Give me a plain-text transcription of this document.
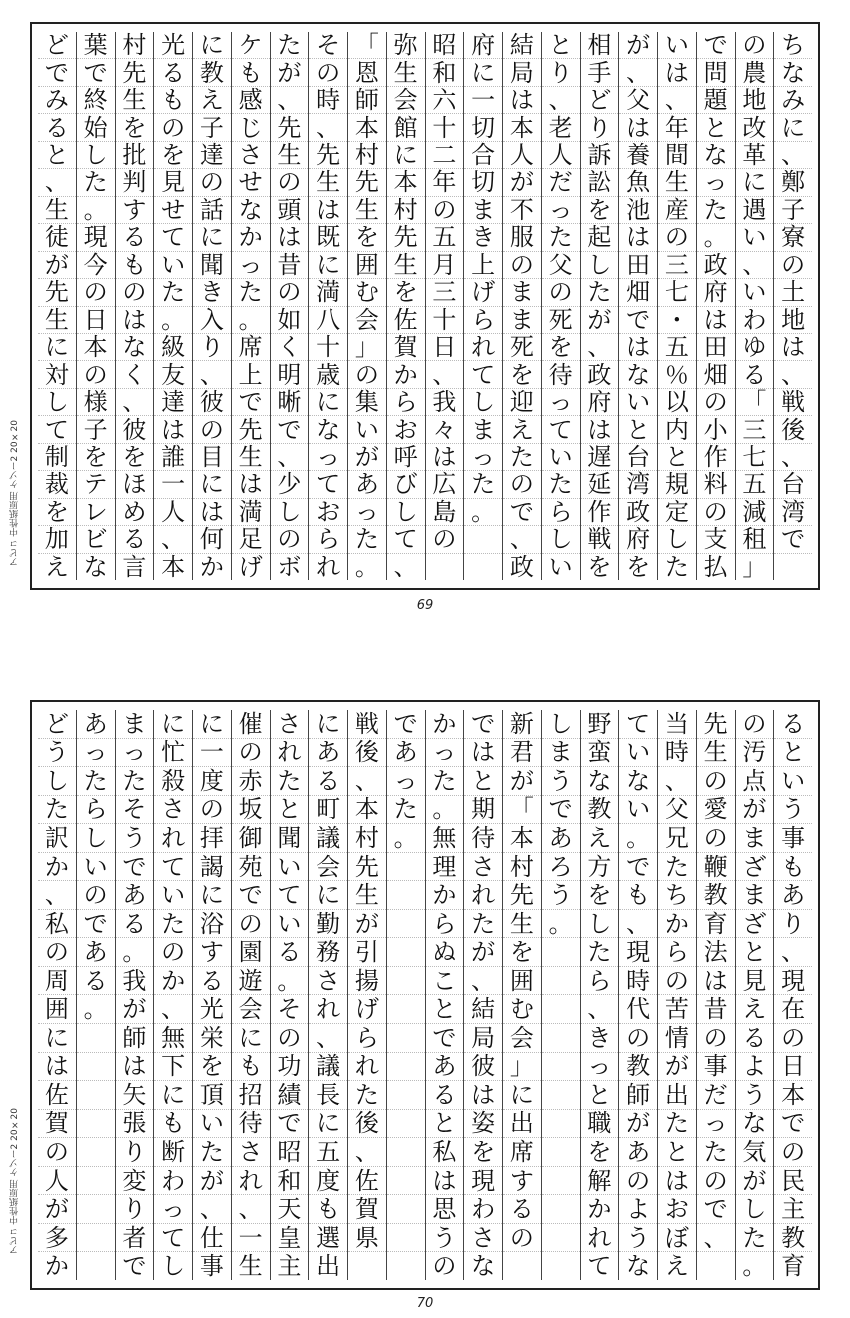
ち
な
み
に
、
鄭
子
寮
の
土
地
は
、
戦
後
、
台
湾
で
の
農
地
改
革
に
遇
い
、
い
わ
ゆ
る
「
三
七
五
減
租
」
で
問
題
と
な
っ
た
。
政
府
は
田
畑
の
小
作
料
の
支
払
い
は
、
年
間
生
産
の
三
七
・
五
％
以
内
と
規
定
し
た
が
、
父
は
養
魚
池
は
田
畑
で
は
な
い
と
台
湾
政
府
を
相
手
ど
り
訴
訟
を
起
し
た
が
、
政
府
は
遅
延
作
戦
を
と
り
、
老
人
だ
っ
た
父
の
死
を
待
っ
て
い
た
ら
し
い
結
局
は
本
人
が
不
服
の
ま
ま
死
を
迎
え
た
の
で
、
政
府
に
一
切
合
切
ま
き
上
げ
ら
れ
て
し
ま
っ
た
。
昭
和
六
十
二
年
の
五
月
三
十
日
、
我
々
は
広
島
の
弥
生
会
館
に
本
村
先
生
を
佐
賀
か
ら
お
呼
び
し
て
、
「
恩
師
本
村
先
生
を
囲
む
会
」
の
集
い
が
あ
っ
た
。
そ
の
時
、
先
生
は
既
に
満
八
十
歳
に
な
っ
て
お
ら
れ
た
が
、
先
生
の
頭
は
昔
の
如
く
明
晰
で
、
少
し
の
ボ
ケ
も
感
じ
さ
せ
な
か
っ
た
。
席
上
で
先
生
は
満
足
げ
に
教
え
子
達
の
話
に
聞
き
入
り
、
彼
の
目
に
は
何
か
光
る
も
の
を
見
せ
て
い
た
。
級
友
達
は
誰
一
人
、
本
村
先
生
を
批
判
す
る
も
の
は
な
く
、
彼
を
ほ
め
る
言
葉
で
終
始
し
た
。
現
今
の
日
本
の
様
子
を
テ
レ
ビ
な
ど
で
み
る
と
、
生
徒
が
先
生
に
対
し
て
制
裁
を
加
え
アピコ 中性紙原用 ケゾー2 20×20
69
る
と
い
う
事
も
あ
り
、
現
在
の
日
本
で
の
民
主
教
育
の
汚
点
が
ま
ざ
ま
ざ
と
見
え
る
よ
う
な
気
が
し
た
。
先
生
の
愛
の
鞭
教
育
法
は
昔
の
事
だ
っ
た
の
で
、
当
時
、
父
兄
た
ち
か
ら
の
苦
情
が
出
た
と
は
お
ぼ
え
て
い
な
い
。
で
も
、
現
時
代
の
教
師
が
あ
の
よ
う
な
野
蛮
な
教
え
方
を
し
た
ら
、
き
っ
と
職
を
解
か
れ
て
し
ま
う
で
あ
ろ
う
。
新
君
が
「
本
村
先
生
を
囲
む
会
」
に
出
席
す
る
の
で
は
と
期
待
さ
れ
た
が
、
結
局
彼
は
姿
を
現
わ
さ
な
か
っ
た
。
無
理
か
ら
ぬ
こ
と
で
あ
る
と
私
は
思
う
の
で
あ
っ
た
。
戦
後
、
本
村
先
生
が
引
揚
げ
ら
れ
た
後
、
佐
賀
県
に
あ
る
町
議
会
に
勤
務
さ
れ
、
議
長
に
五
度
も
選
出
さ
れ
た
と
聞
い
て
い
る
。
そ
の
功
績
で
昭
和
天
皇
主
催
の
赤
坂
御
苑
で
の
園
遊
会
に
も
招
待
さ
れ
、
一
生
に
一
度
の
拝
謁
に
浴
す
る
光
栄
を
頂
い
た
が
、
仕
事
に
忙
殺
さ
れ
て
い
た
の
か
、
無
下
に
も
断
わ
っ
て
し
ま
っ
た
そ
う
で
あ
る
。
我
が
師
は
矢
張
り
変
り
者
で
あ
っ
た
ら
し
い
の
で
あ
る
。
ど
う
し
た
訳
か
、
私
の
周
囲
に
は
佐
賀
の
人
が
多
か
アピコ 中性紙原用 ケゾー2 20×20
70
